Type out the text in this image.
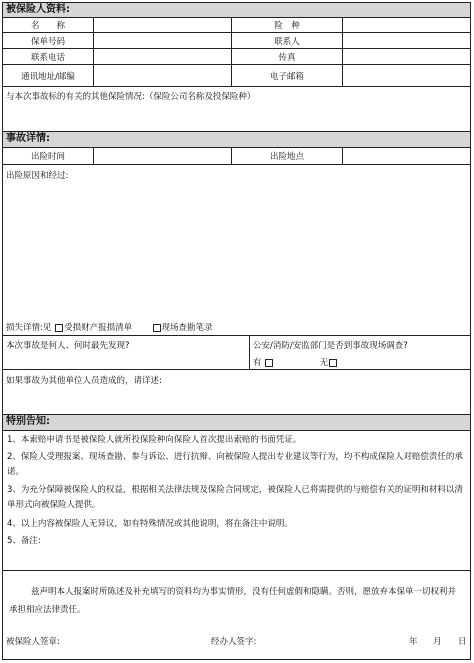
被保险人资料:
名　　称	险　种
保单号码	联系人
联系电话	传真
通讯地址/邮编	电子邮箱
与本次事故标的有关的其他保险情况:（保险公司名称及投保险种）
事故详情:
出险时间	出险地点
出险原因和经过:
损失详情:见 受损财产报损清单	现场查勘笔录
本次事故是何人、何时最先发现?	公安/消防/安监部门是否到事故现场调查?
有	无
如果事故为其他单位人员造成的，请详述:
特别告知:
1、本索赔申请书是被保险人就所投保险种向保险人首次提出索赔的书面凭证。
2、保险人受理报案、现场查勘、参与诉讼、进行抗辩、向被保险人提出专业建议等行为，均不构成保险人对赔偿责任的承诺。
3、为充分保障被保险人的权益，根据相关法律法规及保险合同规定，被保险人已将需提供的与赔偿有关的证明和材料以清单形式向被保险人提供。
4、以上内容被保险人无异议，如有特殊情况或其他说明，将在备注中说明。
5、备注:
兹声明本人报案时所陈述及补充填写的资料均为事实情形，没有任何虚假和隐瞒。否则，愿放弃本保单一切权利并承担相应法律责任。
被保险人签章:	经办人签字:	年 月 日
